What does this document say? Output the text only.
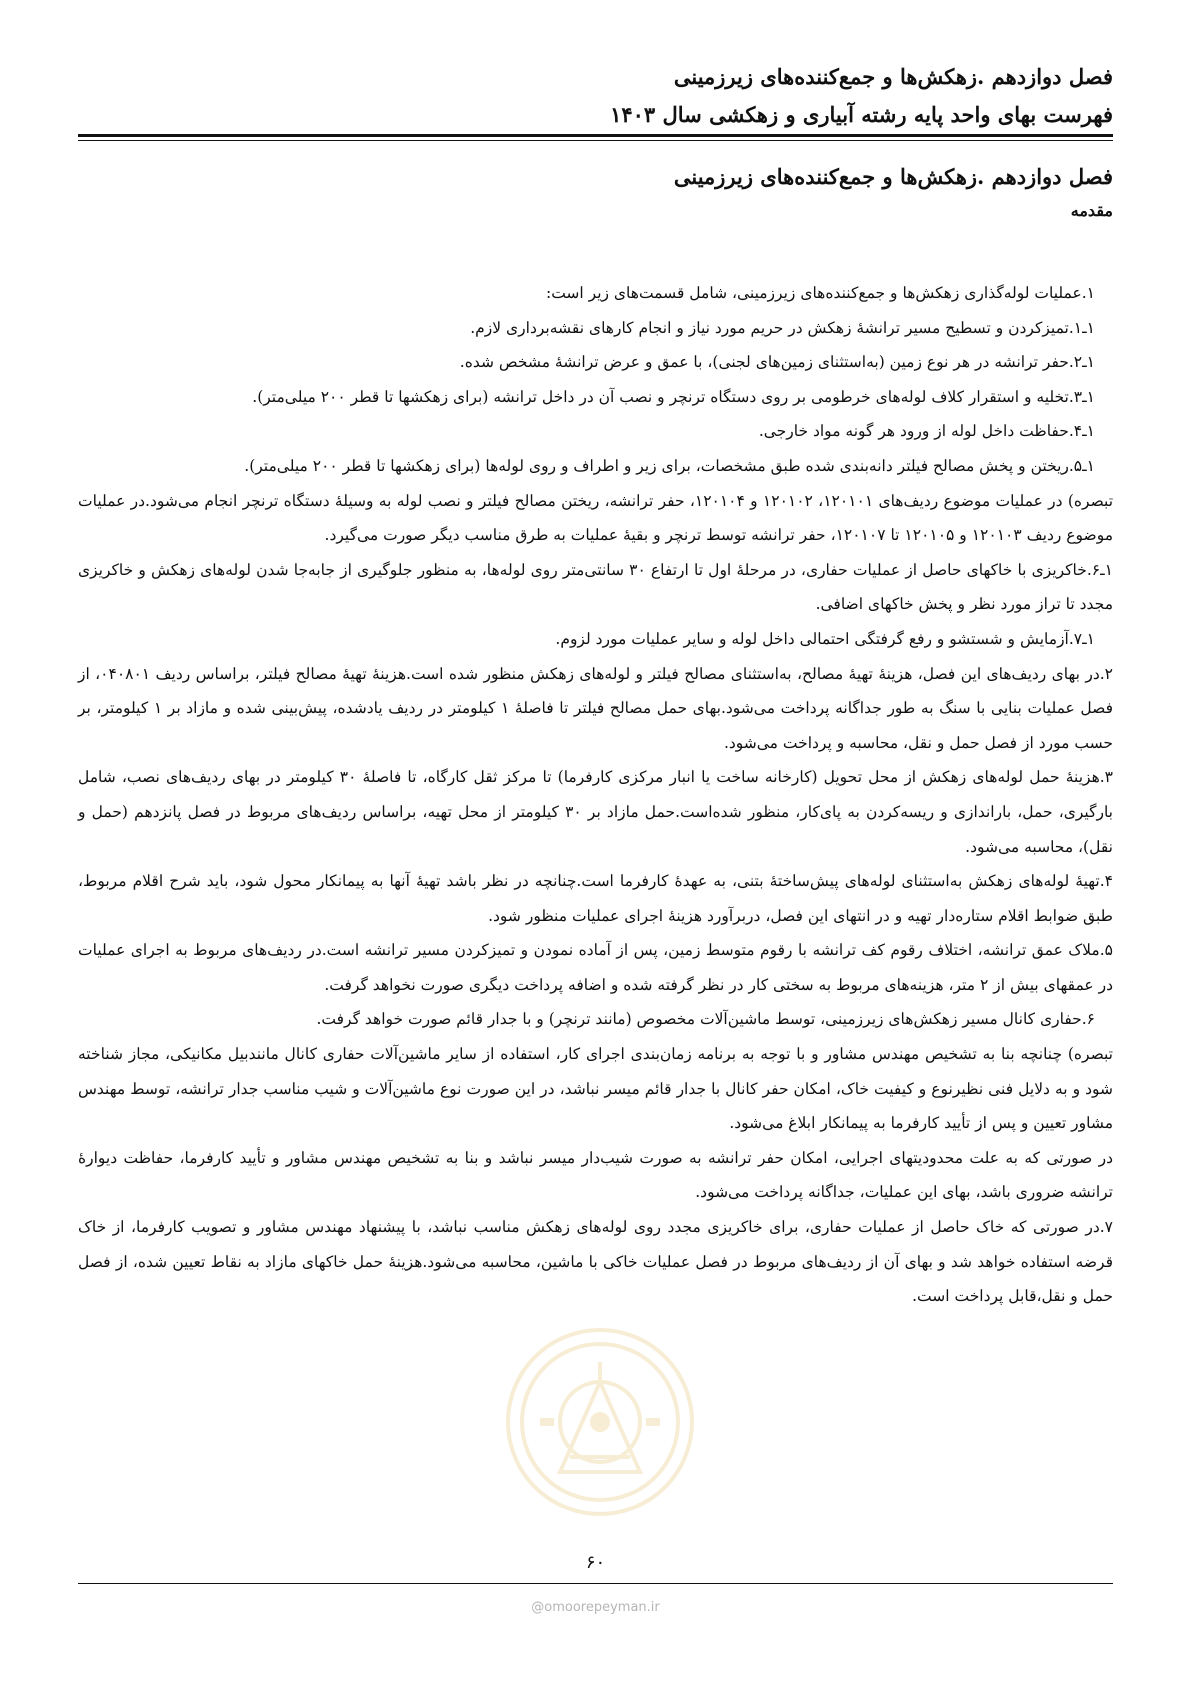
فصل دوازدهم .زهکش‌ها و جمع‌کننده‌های زیرزمینی
فهرست بهای واحد پایه رشته آبیاری و زهکشی سال ۱۴۰۳
فصل دوازدهم .زهکش‌ها و جمع‌کننده‌های زیرزمینی
مقدمه

۱.عملیات لوله‌گذاری زهکش‌ها و جمع‌کننده‌های زیرزمینی، شامل قسمت‌های زیر است:

۱ـ۱.تمیزکردن و تسطیح مسیر ترانشهٔ زهکش در حریم مورد نیاز و انجام کارهای نقشه‌برداری لازم.

۱ـ۲.حفر ترانشه در هر نوع زمین (به‌استثنای زمین‌های لجنی)، با عمق و عرض ترانشهٔ مشخص شده.

۱ـ۳.تخلیه و استقرار کلاف لوله‌های خرطومی بر روی دستگاه ترنچر و نصب آن در داخل ترانشه (برای زهکشها تا قطر ۲۰۰ میلی‌متر).

۱ـ۴.حفاظت داخل لوله از ورود هر گونه مواد خارجی.

۱ـ۵.ریختن و پخش مصالح فیلتر دانه‌بندی شده طبق مشخصات، برای زیر و اطراف و روی لوله‌ها (برای زهکشها تا قطر ۲۰۰ میلی‌متر).

تبصره) در عملیات موضوع ردیف‌های ۱۲۰۱۰۱، ۱۲۰۱۰۲ و ۱۲۰۱۰۴، حفر ترانشه، ریختن مصالح فیلتر و نصب لوله به وسیلهٔ دستگاه ترنچر انجام می‌شود.در عملیات موضوع ردیف ۱۲۰۱۰۳ و ۱۲۰۱۰۵ تا ۱۲۰۱۰۷، حفر ترانشه توسط ترنچر و بقیهٔ عملیات به طرق مناسب دیگر صورت می‌گیرد.

۱ـ۶.خاکریزی با خاکهای حاصل از عملیات حفاری، در مرحلهٔ اول تا ارتفاع ۳۰ سانتی‌متر روی لوله‌ها، به منظور جلوگیری از جابه‌جا شدن لوله‌های زهکش و خاکریزی مجدد تا تراز مورد نظر و پخش خاکهای اضافی.

۱ـ۷.آزمایش و شستشو و رفع گرفتگی احتمالی داخل لوله و سایر عملیات مورد لزوم.

۲.در بهای ردیف‌های این فصل، هزینهٔ تهیهٔ مصالح، به‌استثنای مصالح فیلتر و لوله‌های زهکش منظور شده است.هزینهٔ تهیهٔ مصالح فیلتر، براساس ردیف ۰۴۰۸۰۱، از فصل عملیات بنایی با سنگ به طور جداگانه پرداخت می‌شود.بهای حمل مصالح فیلتر تا فاصلهٔ ۱ کیلومتر در ردیف یادشده، پیش‌بینی شده و مازاد بر ۱ کیلومتر، بر حسب مورد از فصل حمل و نقل، محاسبه و پرداخت می‌شود.

۳.هزینهٔ حمل لوله‌های زهکش از محل تحویل (کارخانه ساخت یا انبار مرکزی کارفرما) تا مرکز ثقل کارگاه، تا فاصلهٔ ۳۰ کیلومتر در بهای ردیف‌های نصب، شامل بارگیری، حمل، باراندازی و ریسه‌کردن به پای‌کار، منظور شده‌است.حمل مازاد بر ۳۰ کیلومتر از محل تهیه، براساس ردیف‌های مربوط در فصل پانزدهم (حمل و نقل)، محاسبه می‌شود.

۴.تهیهٔ لوله‌های زهکش به‌استثنای لوله‌های پیش‌ساختهٔ بتنی، به عهدهٔ کارفرما است.چنانچه در نظر باشد تهیهٔ آنها به پیمانکار محول شود، باید شرح اقلام مربوط، طبق ضوابط اقلام ستاره‌دار تهیه و در انتهای این فصل، دربرآورد هزینهٔ اجرای عملیات منظور شود.

۵.ملاک عمق ترانشه، اختلاف رقوم کف ترانشه با رقوم متوسط زمین، پس از آماده نمودن و تمیزکردن مسیر ترانشه است.در ردیف‌های مربوط به اجرای عملیات در عمقهای بیش از ۲ متر، هزینه‌های مربوط به سختی کار در نظر گرفته شده و اضافه پرداخت دیگری صورت نخواهد گرفت.

۶.حفاری کانال مسیر زهکش‌های زیرزمینی، توسط ماشین‌آلات مخصوص (مانند ترنچر) و با جدار قائم صورت خواهد گرفت.

تبصره) چنانچه بنا به تشخیص مهندس مشاور و با توجه به برنامه زمان‌بندی اجرای کار، استفاده از سایر ماشین‌آلات حفاری کانال مانندبیل مکانیکی، مجاز شناخته شود و به دلایل فنی نظیرنوع و کیفیت خاک، امکان حفر کانال با جدار قائم میسر نباشد، در این صورت نوع ماشین‌آلات و شیب مناسب جدار ترانشه، توسط مهندس مشاور تعیین و پس از تأیید کارفرما به پیمانکار ابلاغ می‌شود.

در صورتی که به علت محدودیتهای اجرایی، امکان حفر ترانشه به صورت شیب‌دار میسر نباشد و بنا به تشخیص مهندس مشاور و تأیید کارفرما، حفاظت دیوارهٔ ترانشه ضروری باشد، بهای این عملیات، جداگانه پرداخت می‌شود.

۷.در صورتی که خاک حاصل از عملیات حفاری، برای خاکریزی مجدد روی لوله‌های زهکش مناسب نباشد، با پیشنهاد مهندس مشاور و تصویب کارفرما، از خاک قرضه استفاده خواهد شد و بهای آن از ردیف‌های مربوط در فصل عملیات خاکی با ماشین، محاسبه می‌شود.هزینهٔ حمل خاکهای مازاد به نقاط تعیین شده، از فصل حمل و نقل،قابل پرداخت است.

۶۰
@omoorepeyman.ir
